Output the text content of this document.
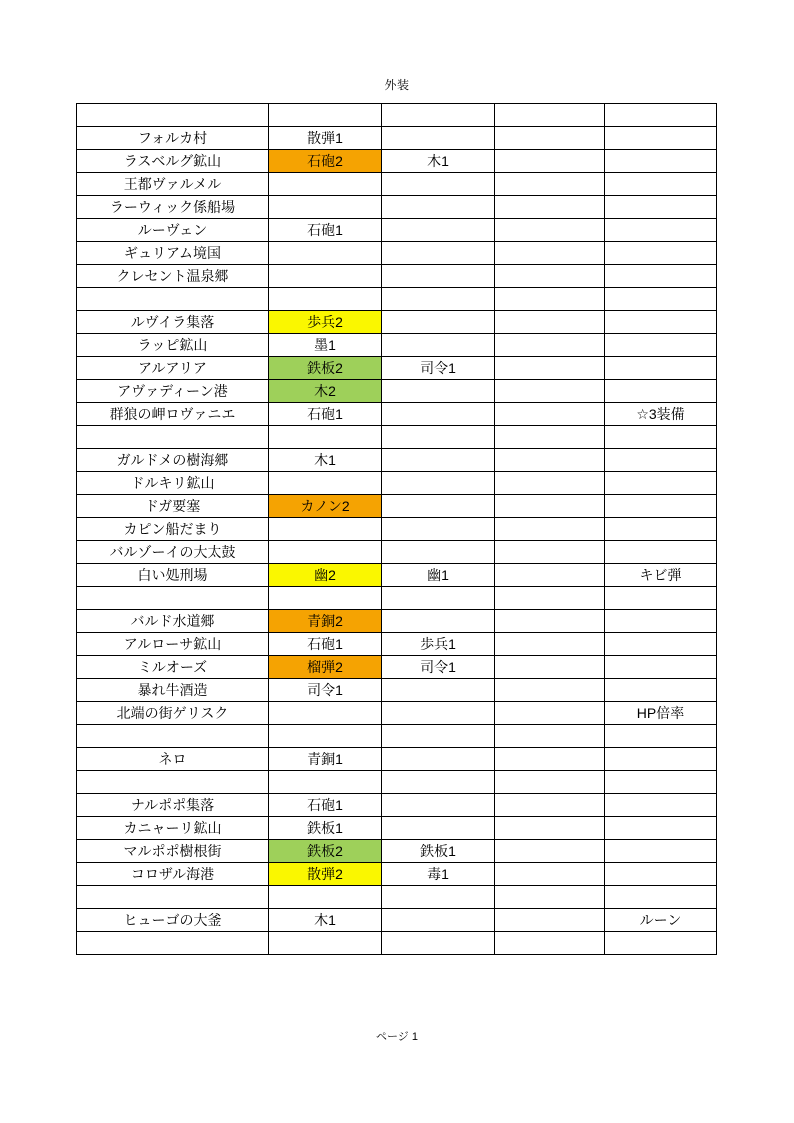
外装

フォルカ村	散弾1			
ラスベルグ鉱山	石砲2	木1		
王都ヴァルメル				
ラーウィック係船場				
ルーヴェン	石砲1			
ギュリアム境国				
クレセント温泉郷				

ルヴイラ集落	歩兵2			
ラッピ鉱山	墨1			
アルアリア	鉄板2	司令1		
アヴァディーン港	木2			
群狼の岬ロヴァニエ	石砲1			☆3装備

ガルドメの樹海郷	木1			
ドルキリ鉱山				
ドガ要塞	カノン2			
カピン船だまり				
バルゾーイの大太鼓				
白い処刑場	幽2	幽1		キビ弾

バルド水道郷	青銅2			
アルローサ鉱山	石砲1	歩兵1		
ミルオーズ	榴弾2	司令1		
暴れ牛酒造	司令1			
北端の街ゲリスク				HP倍率

ネロ	青銅1			

ナルポポ集落	石砲1			
カニャーリ鉱山	鉄板1			
マルポポ樹根街	鉄板2	鉄板1		
コロザル海港	散弾2	毒1		

ヒューゴの大釜	木1			ルーン

ページ 1
